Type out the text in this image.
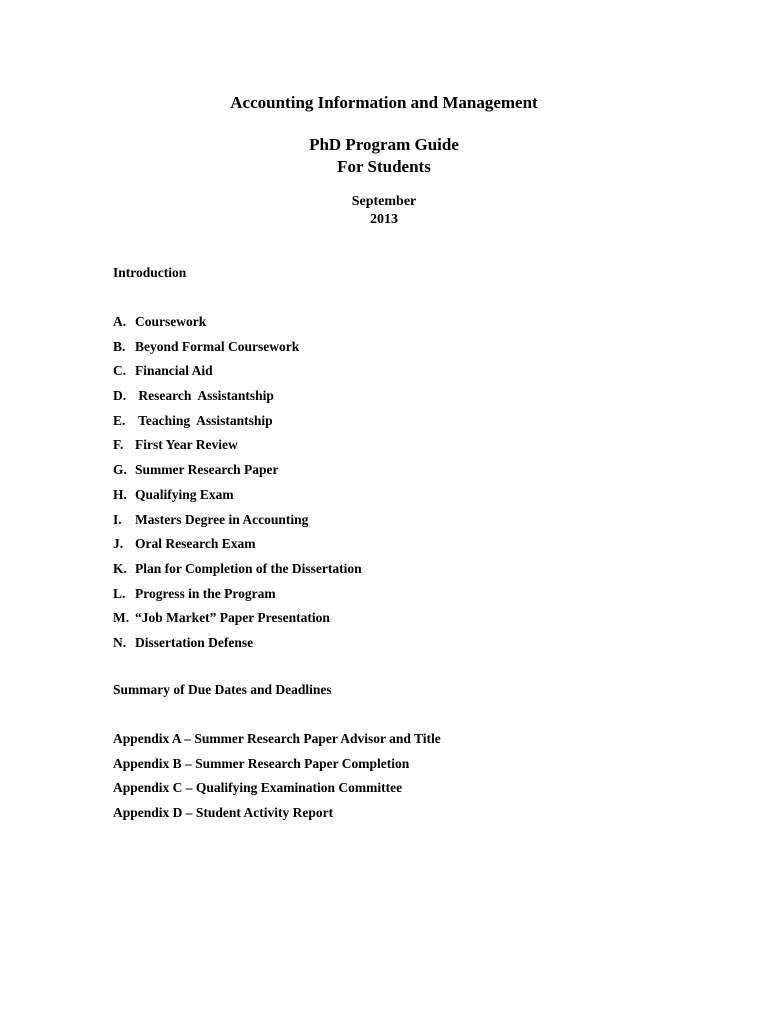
Accounting Information and Management
PhD Program Guide
For Students
September
2013
Introduction
A. Coursework
B. Beyond Formal Coursework
C. Financial Aid
D. Research  Assistantship
E. Teaching  Assistantship
F. First Year Review
G. Summer Research Paper
H. Qualifying Exam
I. Masters Degree in Accounting
J. Oral Research Exam
K. Plan for Completion of the Dissertation
L. Progress in the Program
M. “Job Market” Paper Presentation
N. Dissertation Defense
Summary of Due Dates and Deadlines
Appendix A – Summer Research Paper Advisor and Title
Appendix B – Summer Research Paper Completion
Appendix C – Qualifying Examination Committee
Appendix D – Student Activity Report
